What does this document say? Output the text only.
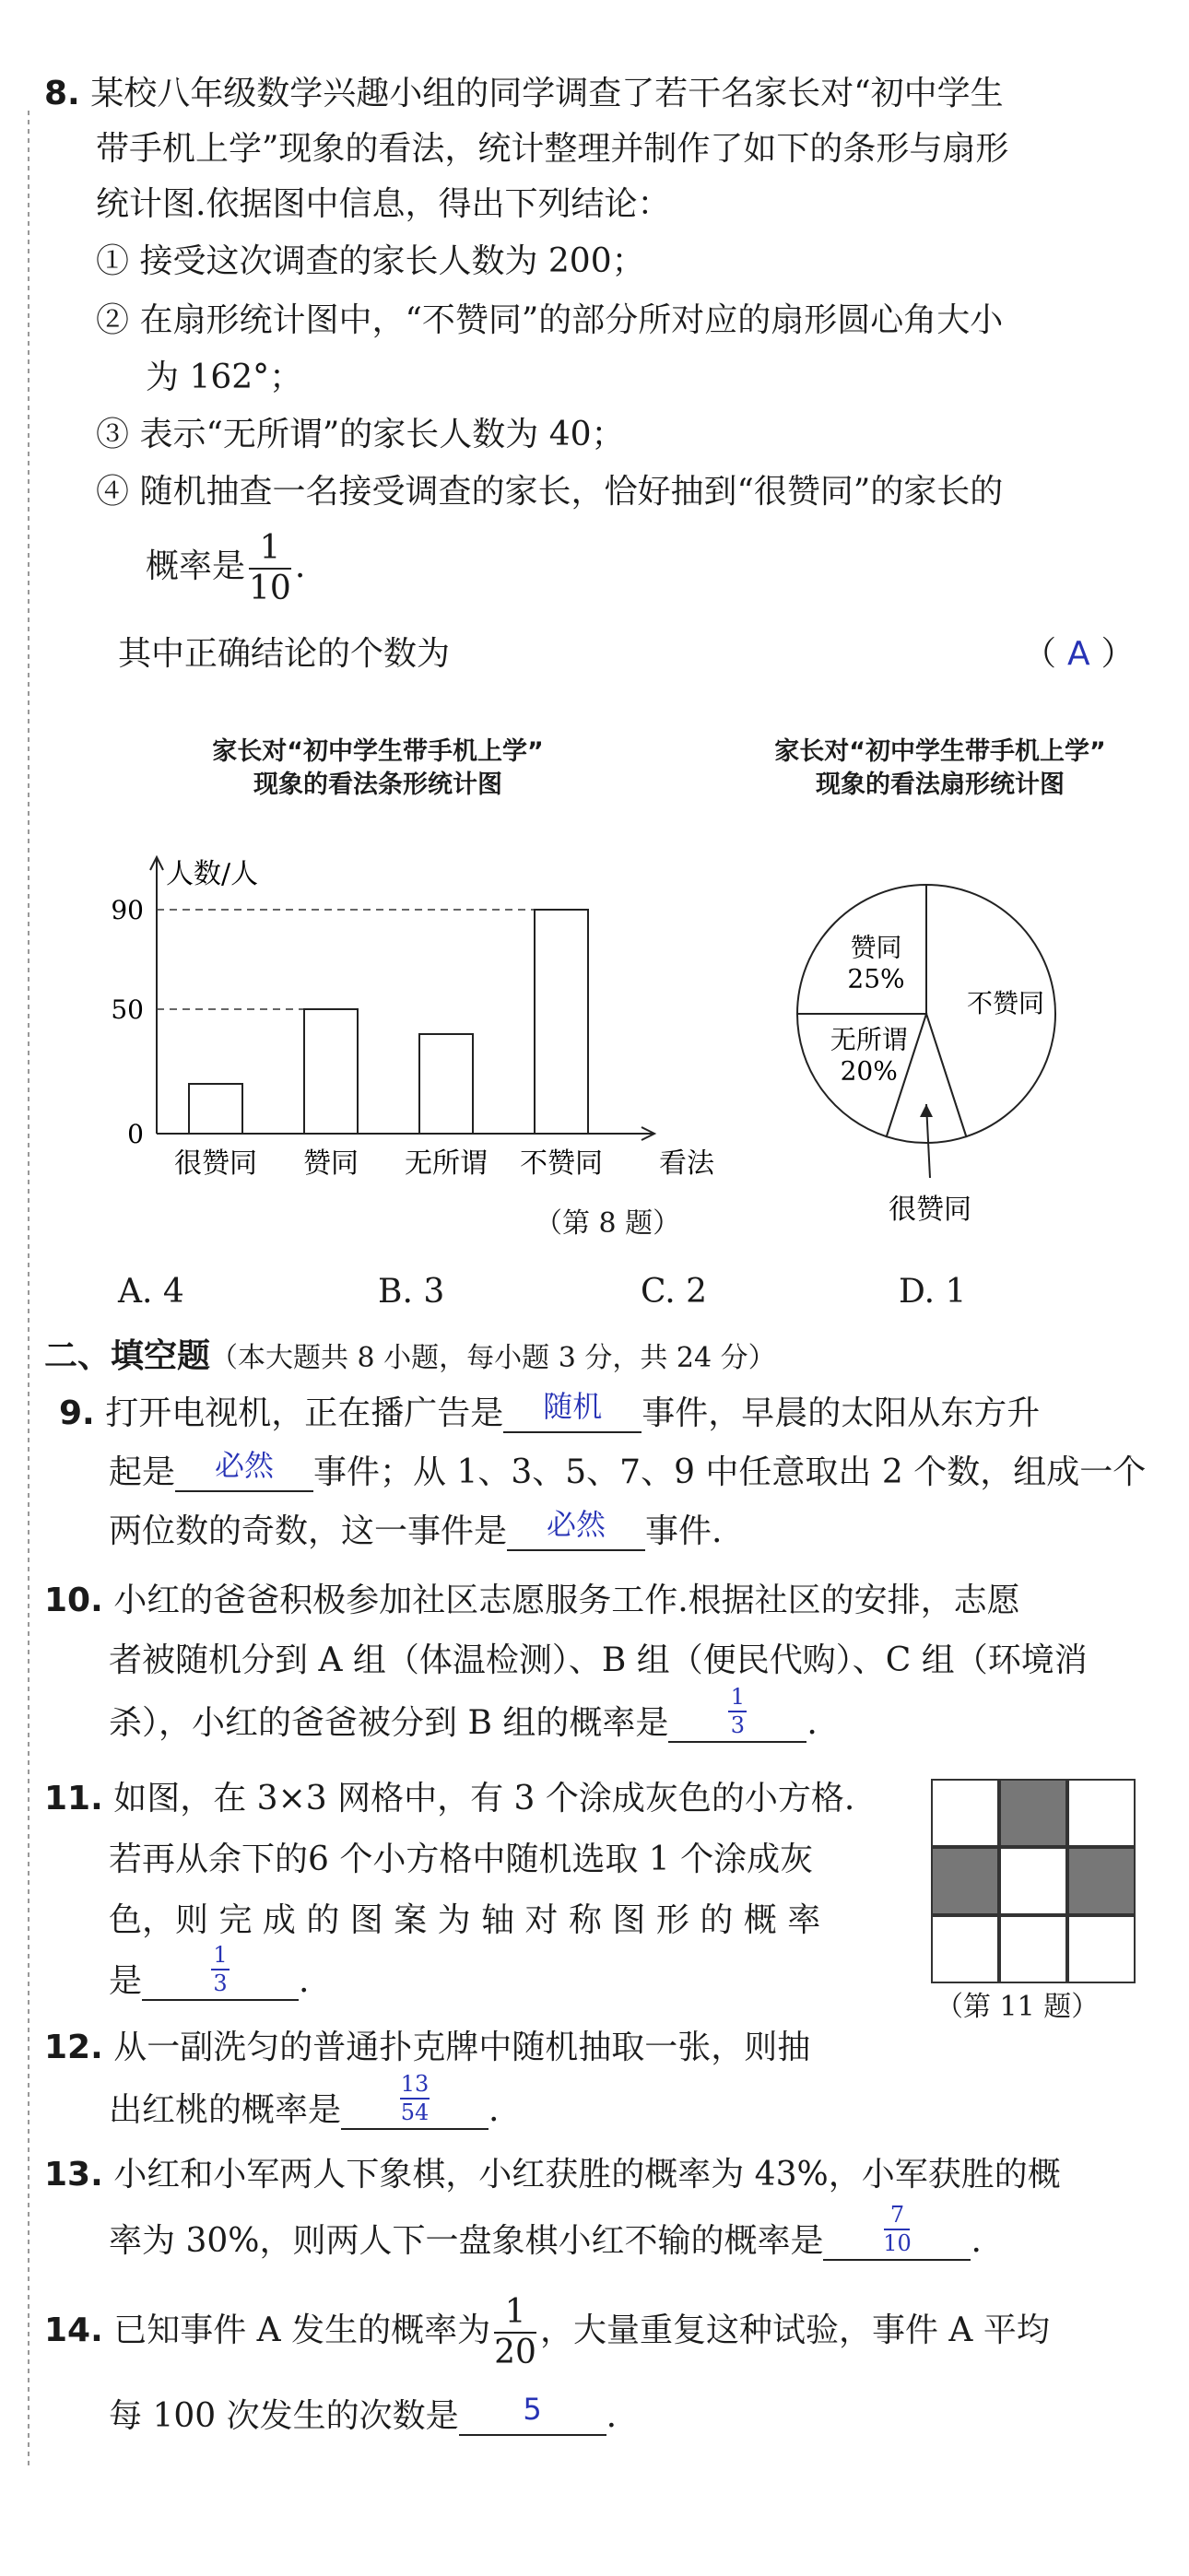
8. 某校八年级数学兴趣小组的同学调查了若干名家长对“初中学生
带手机上学”现象的看法，统计整理并制作了如下的条形与扇形
统计图.依据图中信息，得出下列结论：
① 接受这次调查的家长人数为 200；
② 在扇形统计图中，“不赞同”的部分所对应的扇形圆心角大小
为 162°；
③ 表示“无所谓”的家长人数为 40；
④ 随机抽查一名接受调查的家长，恰好抽到“很赞同”的家长的
概率是 $\frac{1}{10}$ .
其中正确结论的个数为	（ A ）
家长对“初中学生带手机上学”
现象的看法条形统计图
人数/人
看法
0
50
90
很赞同 赞同 无所谓 不赞同
家长对“初中学生带手机上学”
现象的看法扇形统计图
赞同
25%
不赞同
无所谓
20%
很赞同
（第 8 题）
A. 4	B. 3	C. 2	D. 1
二、填空题（本大题共 8 小题，每小题 3 分，共 24 分）
9. 打开电视机，正在播广告是	随机	事件，早晨的太阳从东方升
起是	必然	事件；从 1、3、5、7、9 中任意取出 2 个数，组成一个
两位数的奇数，这一事件是	必然	事件.
10. 小红的爸爸积极参加社区志愿服务工作.根据社区的安排，志愿
者被随机分到 A 组（体温检测）、B 组（便民代购）、C 组（环境消
杀），小红的爸爸被分到 B 组的概率是
1
3	.
11. 如图，在 3×3 网格中，有 3 个涂成灰色的小方格.
若再从余下的6 个小方格中随机选取 1 个涂成灰
色，则 完 成 的 图 案 为 轴 对 称 图 形 的 概 率
是
1
3	.
（第 11 题）
12. 从一副洗匀的普通扑克牌中随机抽取一张，则抽
出红桃的概率是
13
54	.
13. 小红和小军两人下象棋，小红获胜的概率为 43%，小军获胜的概
率为 30%，则两人下一盘象棋小红不输的概率是
7
10	.
14. 已知事件 A 发生的概率为 $\frac{1}{20}$ ，大量重复这种试验，事件 A 平均
每 100 次发生的次数是	5	.
